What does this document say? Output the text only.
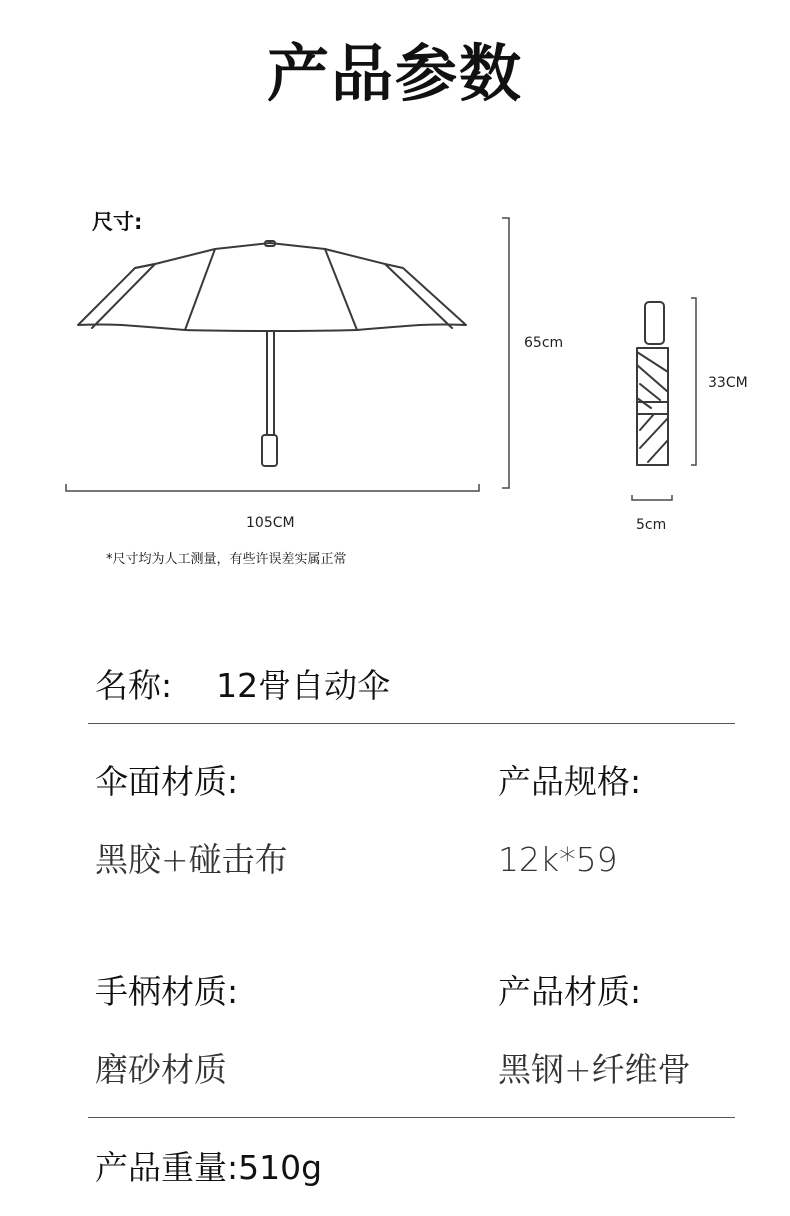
产品参数
尺寸:
65cm
105CM
33CM
5cm
*尺寸均为人工测量，有些许误差实属正常
名称: 12骨自动伞
伞面材质:
黑胶+碰击布
产品规格:
12k*59
手柄材质:
磨砂材质
产品材质:
黑钢+纤维骨
产品重量:510g
